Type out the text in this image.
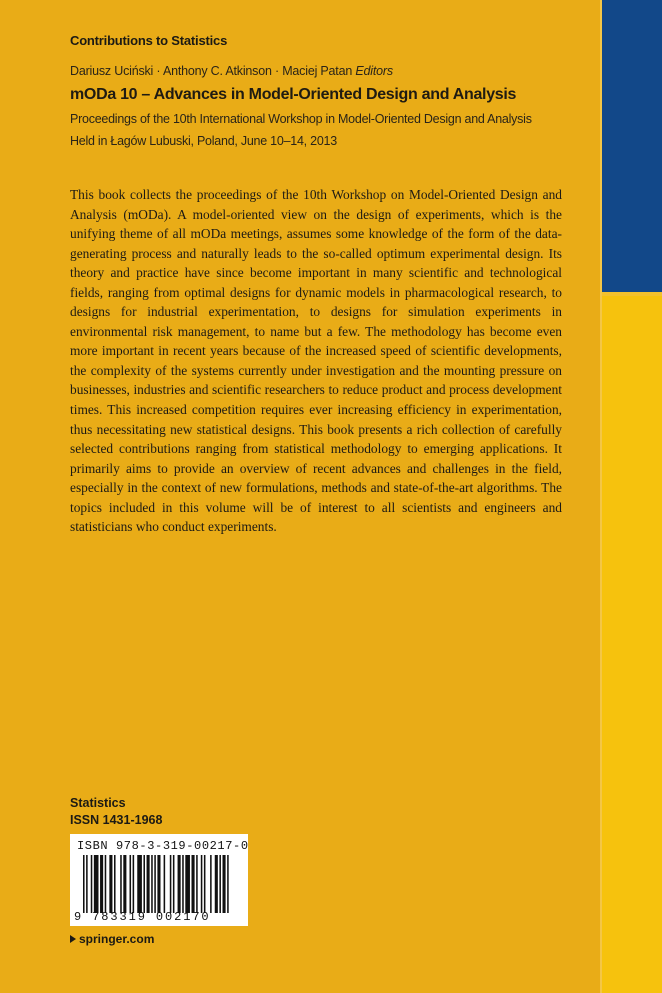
Contributions to Statistics
Dariusz Uciński · Anthony C. Atkinson · Maciej Patan Editors
mODa 10 – Advances in Model-Oriented Design and Analysis
Proceedings of the 10th International Workshop in Model-Oriented Design and Analysis
Held in Łagów Lubuski, Poland, June 10–14, 2013

This book collects the proceedings of the 10th Workshop on Model-Oriented Design and Analysis (mODa). A model-oriented view on the design of experiments, which is the unifying theme of all mODa meetings, assumes some knowledge of the form of the data-generating process and naturally leads to the so-called optimum experimental design. Its theory and practice have since become important in many scientific and technological fields, ranging from optimal designs for dynamic models in pharmacological research, to designs for industrial experimentation, to designs for simulation experiments in environmental risk management, to name but a few. The methodology has become even more important in recent years because of the increased speed of scientific developments, the complexity of the systems currently under investigation and the mounting pressure on businesses, industries and scientific researchers to reduce product and process development times. This increased competition requires ever increasing efficiency in experimentation, thus necessitating new statistical designs. This book presents a rich collection of carefully selected contributions ranging from statistical methodology to emerging applications. It primarily aims to provide an overview of recent advances and challenges in the field, especially in the context of new formulations, methods and state-of-the-art algorithms. The topics included in this volume will be of interest to all scientists and engineers and statisticians who conduct experiments.

Statistics
ISSN 1431-1968
ISBN 978-3-319-00217-0
9 783319 002170
springer.com
